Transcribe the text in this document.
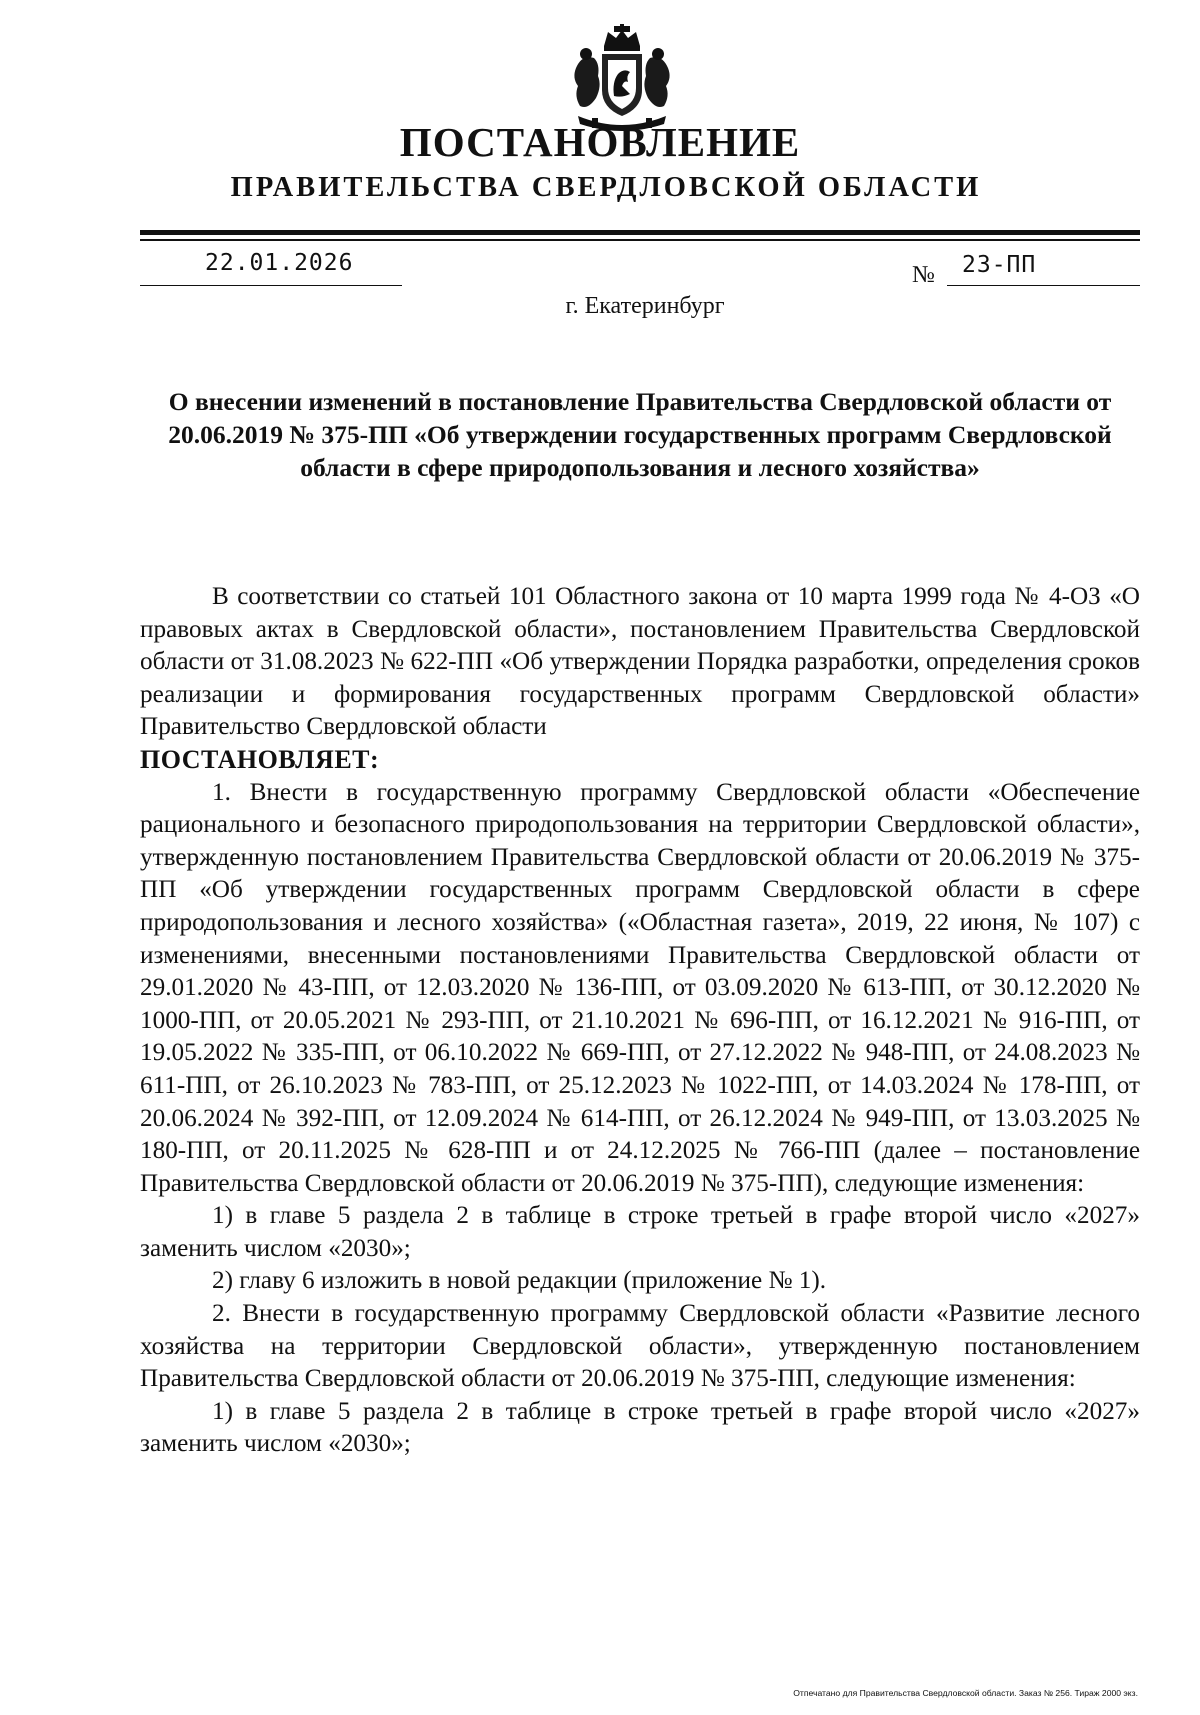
ПОСТАНОВЛЕНИЕ
ПРАВИТЕЛЬСТВА СВЕРДЛОВСКОЙ ОБЛАСТИ
22.01.2026	№ 23-ПП
г. Екатеринбург
О внесении изменений в постановление Правительства Свердловской области от 20.06.2019 № 375-ПП «Об утверждении государственных программ Свердловской области в сфере природопользования и лесного хозяйства»

В соответствии со статьей 101 Областного закона от 10 марта 1999 года № 4-ОЗ «О правовых актах в Свердловской области», постановлением Правительства Свердловской области от 31.08.2023 № 622-ПП «Об утверждении Порядка разработки, определения сроков реализации и формирования государственных программ Свердловской области» Правительство Свердловской области

ПОСТАНОВЛЯЕТ:

1. Внести в государственную программу Свердловской области «Обеспечение рационального и безопасного природопользования на территории Свердловской области», утвержденную постановлением Правительства Свердловской области от 20.06.2019 № 375-ПП «Об утверждении государственных программ Свердловской области в сфере природопользования и лесного хозяйства» («Областная газета», 2019, 22 июня, № 107) с изменениями, внесенными постановлениями Правительства Свердловской области от 29.01.2020 № 43-ПП, от 12.03.2020 № 136-ПП, от 03.09.2020 № 613-ПП, от 30.12.2020 № 1000-ПП, от 20.05.2021 № 293-ПП, от 21.10.2021 № 696-ПП, от 16.12.2021 № 916-ПП, от 19.05.2022 № 335-ПП, от 06.10.2022 № 669-ПП, от 27.12.2022 № 948-ПП, от 24.08.2023 № 611-ПП, от 26.10.2023 № 783-ПП, от 25.12.2023 № 1022-ПП, от 14.03.2024 № 178-ПП, от 20.06.2024 № 392-ПП, от 12.09.2024 № 614-ПП, от 26.12.2024 № 949-ПП, от 13.03.2025 № 180-ПП, от 20.11.2025 № 628-ПП и от 24.12.2025 № 766-ПП (далее – постановление Правительства Свердловской области от 20.06.2019 № 375-ПП), следующие изменения:

1) в главе 5 раздела 2 в таблице в строке третьей в графе второй число «2027» заменить числом «2030»;

2) главу 6 изложить в новой редакции (приложение № 1).

2. Внести в государственную программу Свердловской области «Развитие лесного хозяйства на территории Свердловской области», утвержденную постановлением Правительства Свердловской области от 20.06.2019 № 375-ПП, следующие изменения:

1) в главе 5 раздела 2 в таблице в строке третьей в графе второй число «2027» заменить числом «2030»;

Отпечатано для Правительства Свердловской области. Заказ № 256. Тираж 2000 экз.
